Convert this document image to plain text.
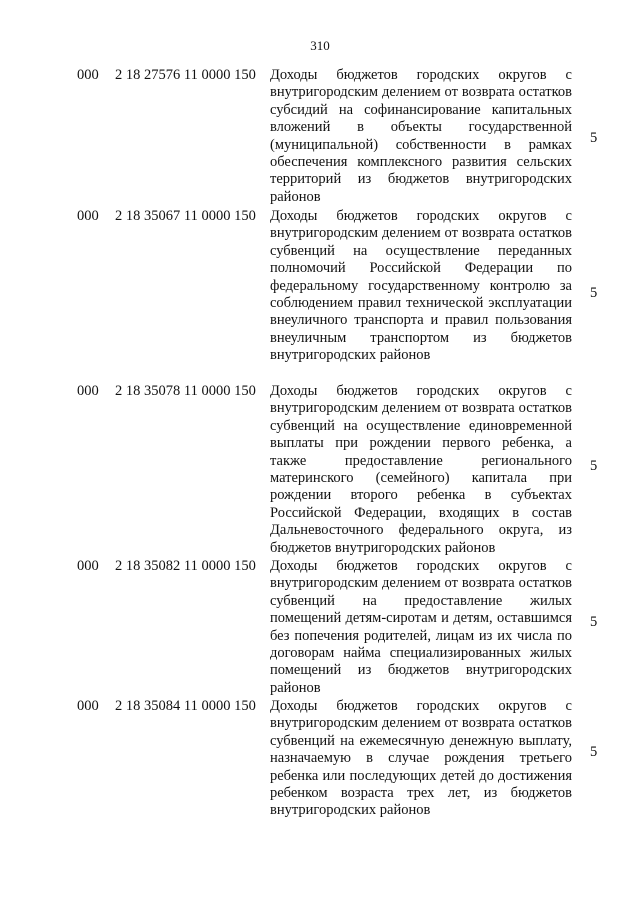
310
000 2 18 27576 11 0000 150 Доходы бюджетов городских округов с внутригородским делением от возврата остатков субсидий на софинансирование капитальных вложений в объекты государственной (муниципальной) собственности в рамках обеспечения комплексного развития сельских территорий из бюджетов внутригородских районов
5
000 2 18 35067 11 0000 150 Доходы бюджетов городских округов с внутригородским делением от возврата остатков субвенций на осуществление переданных полномочий Российской Федерации по федеральному государственному контролю за соблюдением правил технической эксплуатации внеуличного транспорта и правил пользования внеуличным транспортом из бюджетов внутригородских районов
5
000 2 18 35078 11 0000 150 Доходы бюджетов городских округов с внутригородским делением от возврата остатков субвенций на осуществление единовременной выплаты при рождении первого ребенка, а также предоставление регионального материнского (семейного) капитала при рождении второго ребенка в субъектах Российской Федерации, входящих в состав Дальневосточного федерального округа, из бюджетов внутригородских районов
5
000 2 18 35082 11 0000 150 Доходы бюджетов городских округов с внутригородским делением от возврата остатков субвенций на предоставление жилых помещений детям-сиротам и детям, оставшимся без попечения родителей, лицам из их числа по договорам найма специализированных жилых помещений из бюджетов внутригородских районов
5
000 2 18 35084 11 0000 150 Доходы бюджетов городских округов с внутригородским делением от возврата остатков субвенций на ежемесячную денежную выплату, назначаемую в случае рождения третьего ребенка или последующих детей до достижения ребенком возраста трех лет, из бюджетов внутригородских районов
5
